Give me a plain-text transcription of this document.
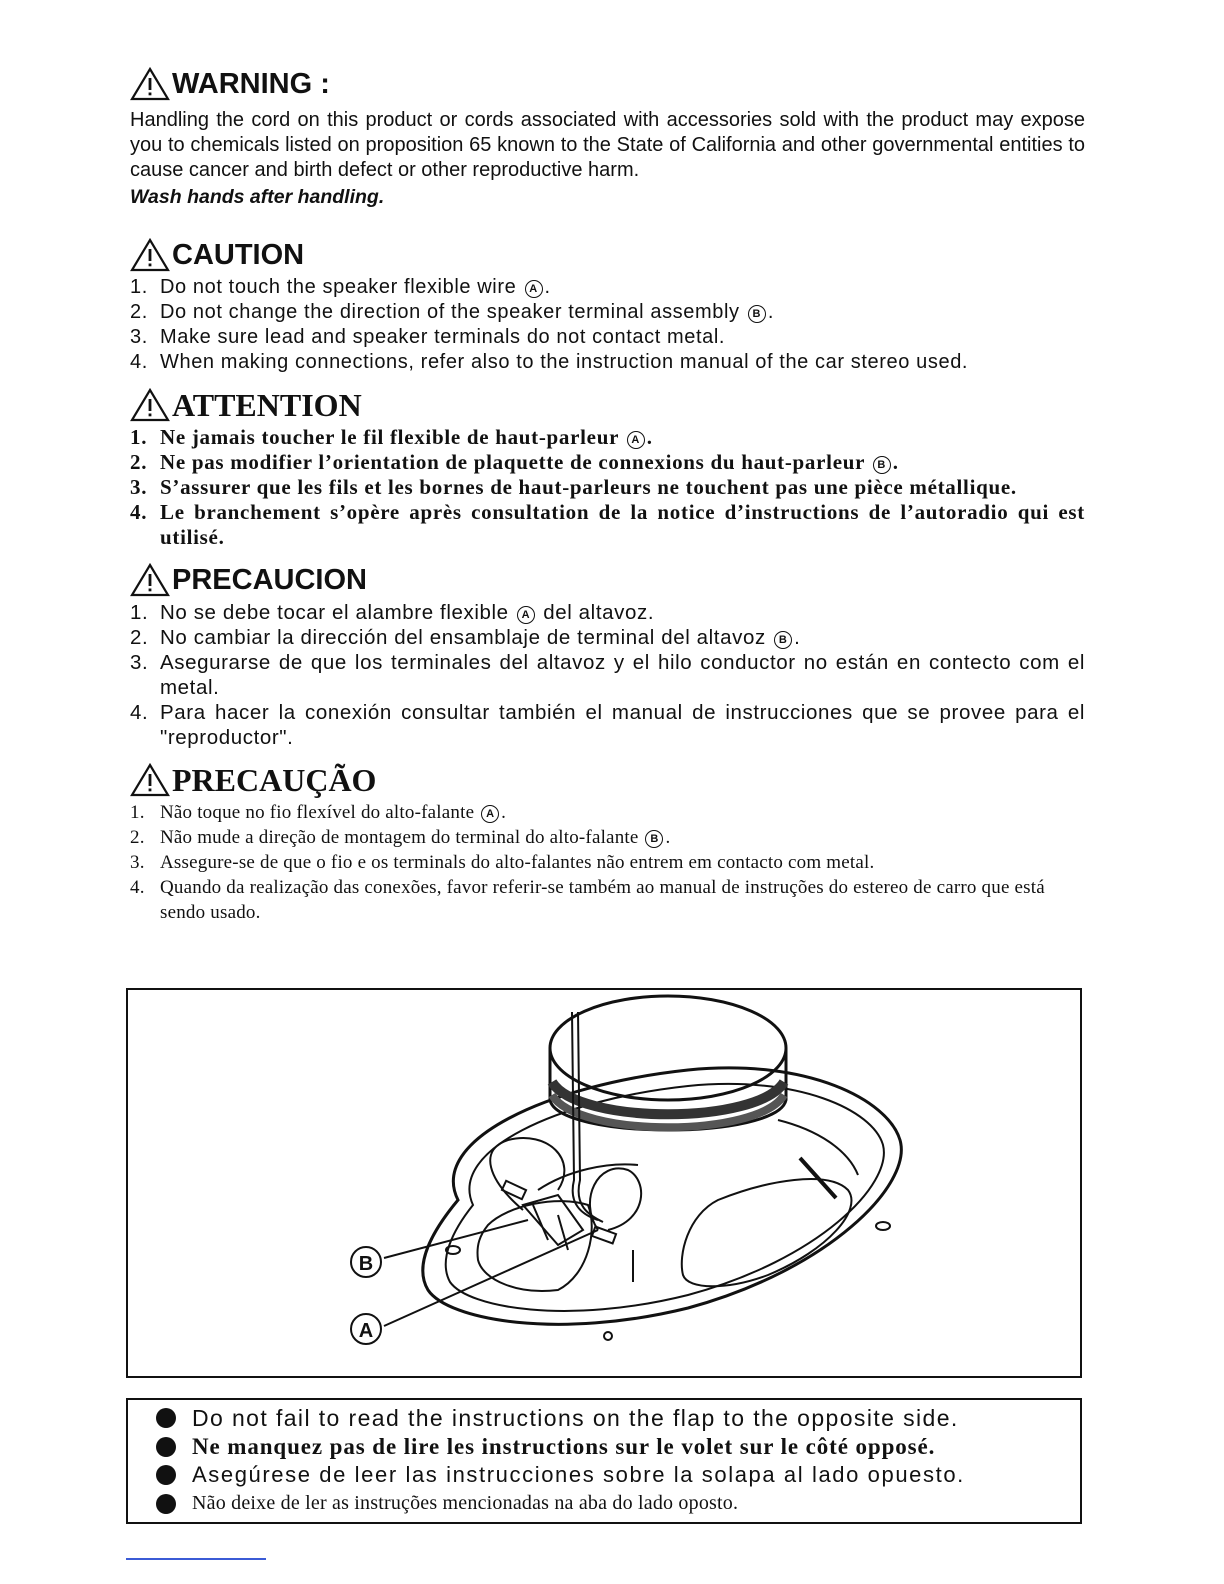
WARNING :
Handling the cord on this product or cords associated with accessories sold with the product may expose you to chemicals listed on proposition 65 known to the State of California and other governmental entities to cause cancer and birth defect or other reproductive harm.
Wash hands after handling.
CAUTION
1. Do not touch the speaker flexible wire A .
2. Do not change the direction of the speaker terminal assembly B .
3. Make sure lead and speaker terminals do not contact metal.
4. When making connections, refer also to the instruction manual of the car stereo used.
ATTENTION
1. Ne jamais toucher le fil flexible de haut-parleur A .
2. Ne pas modifier l’orientation de plaquette de connexions du haut-parleur B .
3. S’assurer que les fils et les bornes de haut-parleurs ne touchent pas une pièce métallique.
4. Le branchement s’opère après consultation de la notice d’instructions de l’autoradio qui est utilisé.
PRECAUCION
1. No se debe tocar el alambre flexible A del altavoz.
2. No cambiar la dirección del ensamblaje de terminal del altavoz B .
3. Asegurarse de que los terminales del altavoz y el hilo conductor no están en contecto com el metal.
4. Para hacer la conexión consultar también el manual de instrucciones que se provee para el "reproductor".
PRECAUÇÃO
1. Não toque no fio flexível do alto-falante A .
2. Não mude a direção de montagem do terminal do alto-falante B .
3. Assegure-se de que o fio e os terminals do alto-falantes não entrem em contacto com metal.
4. Quando da realização das conexões, favor referir-se também ao manual de instruções do estereo de carro que está sendo usado.
B
A
Do not fail to read the instructions on the flap to the opposite side.
Ne manquez pas de lire les instructions sur le volet sur le côté opposé.
Asegúrese de leer las instrucciones sobre la solapa al lado opuesto.
Não deixe de ler as instruções mencionadas na aba do lado oposto.
